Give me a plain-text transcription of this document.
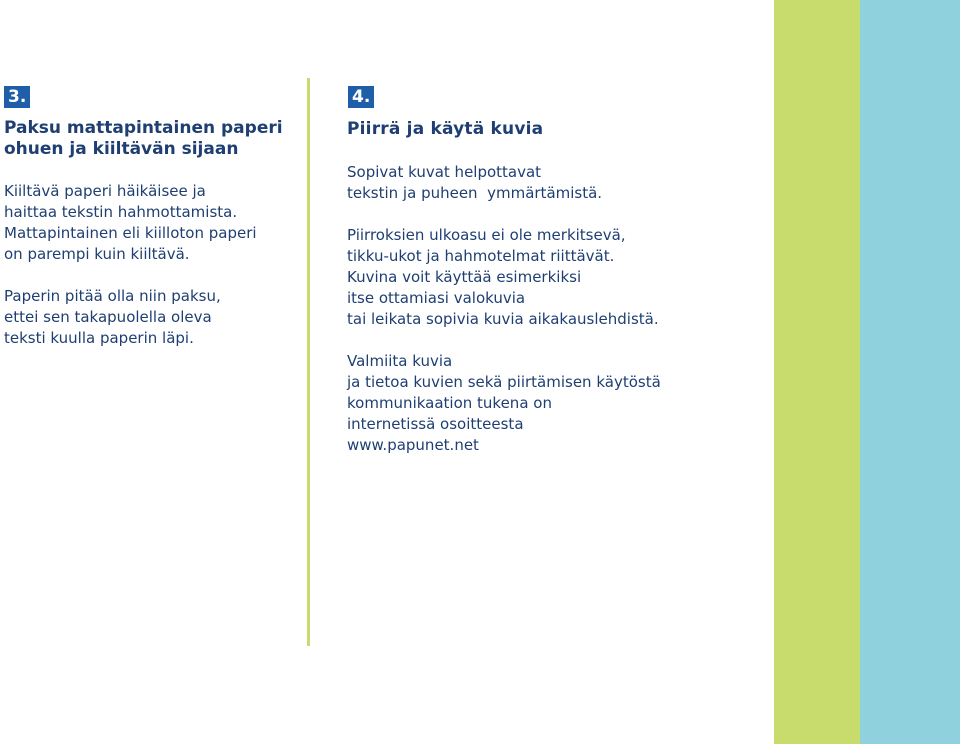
3.
Paksu mattapintainen paperi
ohuen ja kiiltävän sijaan

Kiiltävä paperi häikäisee ja
haittaa tekstin hahmottamista.
Mattapintainen eli kiilloton paperi
on parempi kuin kiiltävä.

Paperin pitää olla niin paksu,
ettei sen takapuolella oleva
teksti kuulla paperin läpi.

4.
Piirrä ja käytä kuvia

Sopivat kuvat helpottavat
tekstin ja puheen  ymmärtämistä.

Piirroksien ulkoasu ei ole merkitsevä,
tikku-ukot ja hahmotelmat riittävät.
Kuvina voit käyttää esimerkiksi
itse ottamiasi valokuvia
tai leikata sopivia kuvia aikakauslehdistä.

Valmiita kuvia
ja tietoa kuvien sekä piirtämisen käytöstä
kommunikaation tukena on
internetissä osoitteesta
www.papunet.net
